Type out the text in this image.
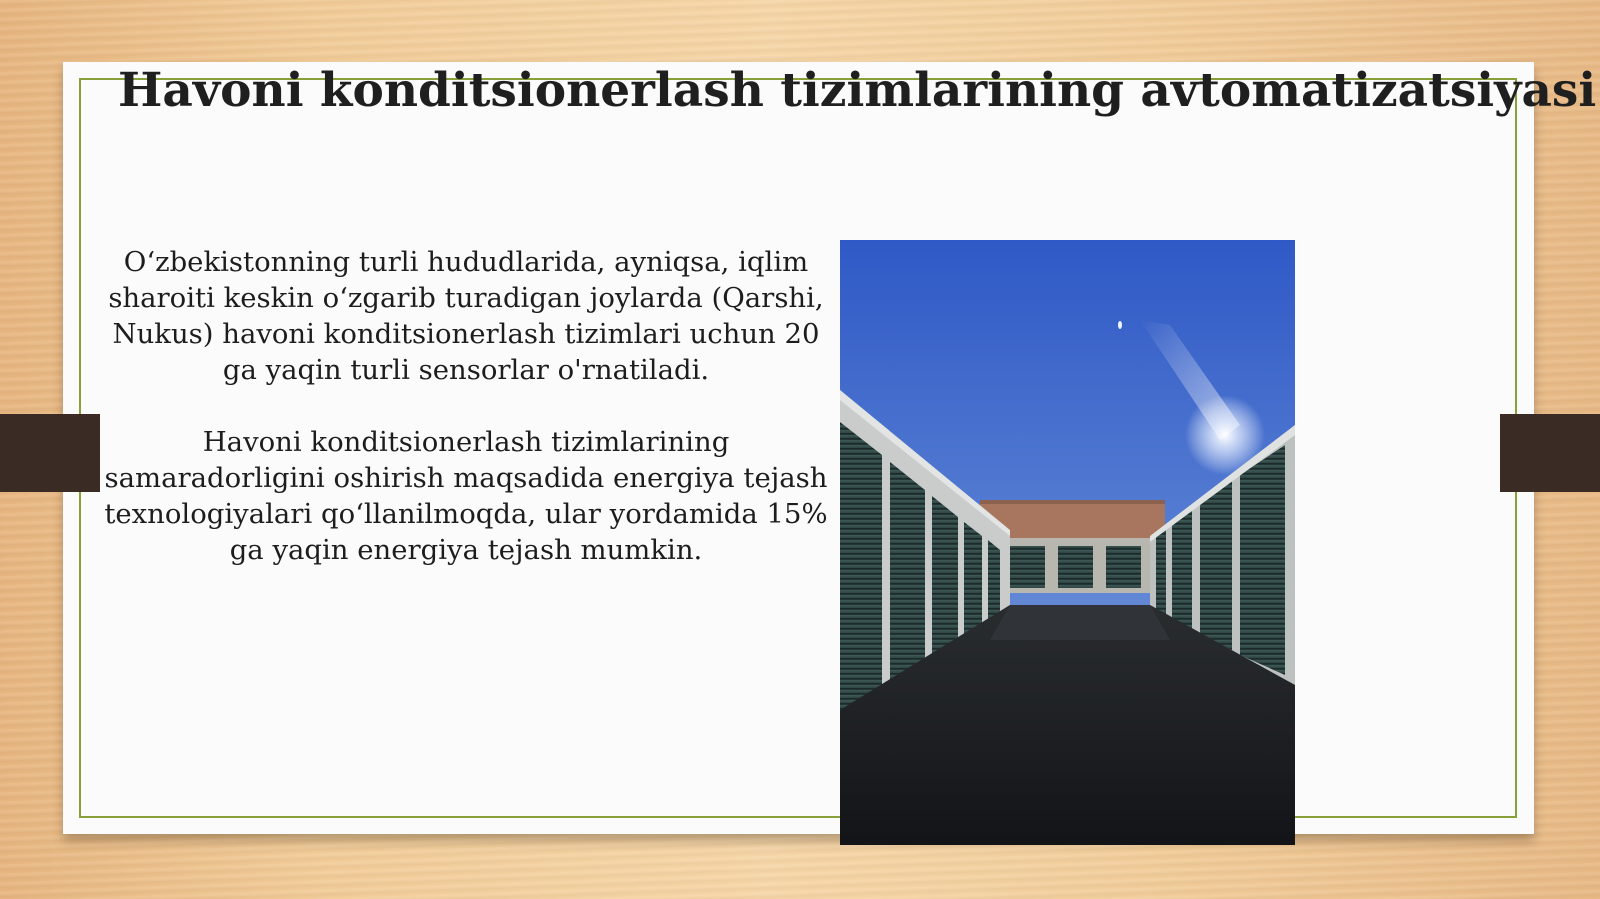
Havoni konditsionerlash tizimlarining avtomatizatsiyasi

O‘zbekistonning turli hududlarida, ayniqsa, iqlim sharoiti keskin o‘zgarib turadigan joylarda (Qarshi, Nukus) havoni konditsionerlash tizimlari uchun 20 ga yaqin turli sensorlar o'rnatiladi.

Havoni konditsionerlash tizimlarining samaradorligini oshirish maqsadida energiya tejash texnologiyalari qo‘llanilmoqda, ular yordamida 15% ga yaqin energiya tejash mumkin.
